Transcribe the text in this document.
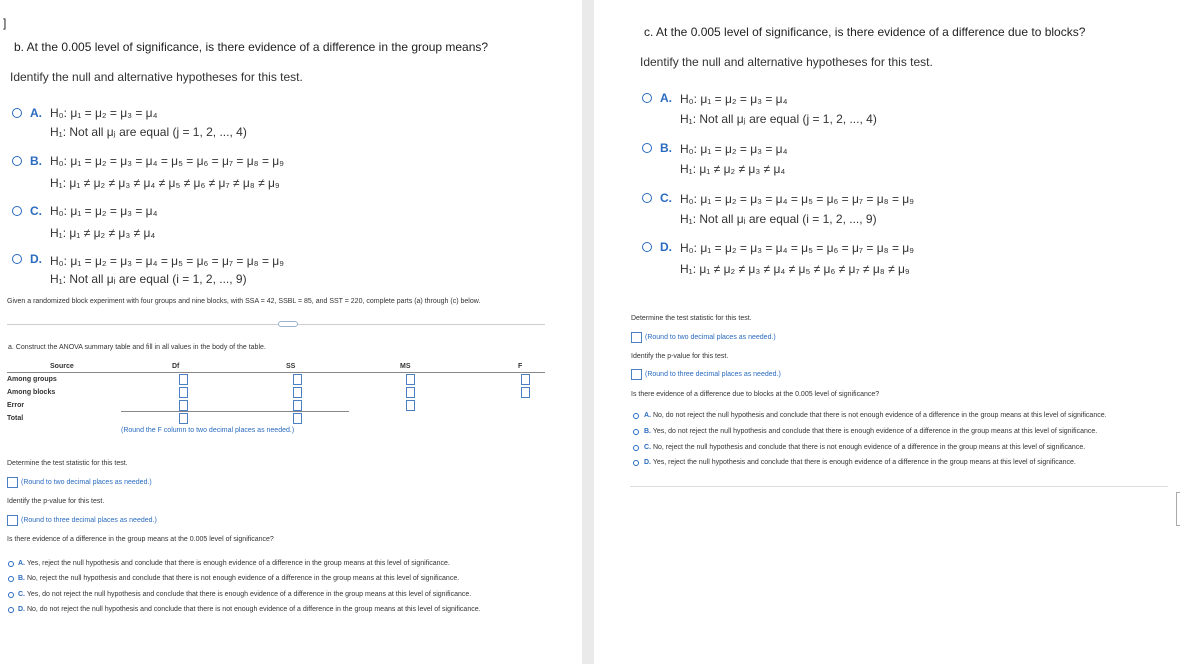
]
b. At the 0.005 level of significance, is there evidence of a difference in the group means?
Identify the null and alternative hypotheses for this test.
A. H₀: μ₁ = μ₂ = μ₃ = μ₄
H₁: Not all μⱼ are equal (j = 1, 2, ..., 4)
B. H₀: μ₁ = μ₂ = μ₃ = μ₄ = μ₅ = μ₆ = μ₇ = μ₈ = μ₉
H₁: μ₁ ≠ μ₂ ≠ μ₃ ≠ μ₄ ≠ μ₅ ≠ μ₆ ≠ μ₇ ≠ μ₈ ≠ μ₉
C. H₀: μ₁ = μ₂ = μ₃ = μ₄
H₁: μ₁ ≠ μ₂ ≠ μ₃ ≠ μ₄
D. H₀: μ₁ = μ₂ = μ₃ = μ₄ = μ₅ = μ₆ = μ₇ = μ₈ = μ₉
H₁: Not all μᵢ are equal (i = 1, 2, ..., 9)
Given a randomized block experiment with four groups and nine blocks, with SSA = 42, SSBL = 85, and SST = 220, complete parts (a) through (c) below.
a. Construct the ANOVA summary table and fill in all values in the body of the table.
Source	Df	SS	MS	F
Among groups
Among blocks
Error
Total
(Round the F column to two decimal places as needed.)
Determine the test statistic for this test.
(Round to two decimal places as needed.)
Identify the p-value for this test.
(Round to three decimal places as needed.)
Is there evidence of a difference in the group means at the 0.005 level of significance?
A. Yes, reject the null hypothesis and conclude that there is enough evidence of a difference in the group means at this level of significance.
B. No, reject the null hypothesis and conclude that there is not enough evidence of a difference in the group means at this level of significance.
C. Yes, do not reject the null hypothesis and conclude that there is enough evidence of a difference in the group means at this level of significance.
D. No, do not reject the null hypothesis and conclude that there is not enough evidence of a difference in the group means at this level of significance.
c. At the 0.005 level of significance, is there evidence of a difference due to blocks?
Identify the null and alternative hypotheses for this test.
A. H₀: μ₁ = μ₂ = μ₃ = μ₄
H₁: Not all μⱼ are equal (j = 1, 2, ..., 4)
B. H₀: μ₁ = μ₂ = μ₃ = μ₄
H₁: μ₁ ≠ μ₂ ≠ μ₃ ≠ μ₄
C. H₀: μ₁ = μ₂ = μ₃ = μ₄ = μ₅ = μ₆ = μ₇ = μ₈ = μ₉
H₁: Not all μᵢ are equal (i = 1, 2, ..., 9)
D. H₀: μ₁ = μ₂ = μ₃ = μ₄ = μ₅ = μ₆ = μ₇ = μ₈ = μ₉
H₁: μ₁ ≠ μ₂ ≠ μ₃ ≠ μ₄ ≠ μ₅ ≠ μ₆ ≠ μ₇ ≠ μ₈ ≠ μ₉
Determine the test statistic for this test.
(Round to two decimal places as needed.)
Identify the p-value for this test.
(Round to three decimal places as needed.)
Is there evidence of a difference due to blocks at the 0.005 level of significance?
A. No, do not reject the null hypothesis and conclude that there is not enough evidence of a difference in the group means at this level of significance.
B. Yes, do not reject the null hypothesis and conclude that there is enough evidence of a difference in the group means at this level of significance.
C. No, reject the null hypothesis and conclude that there is not enough evidence of a difference in the group means at this level of significance.
D. Yes, reject the null hypothesis and conclude that there is enough evidence of a difference in the group means at this level of significance.
